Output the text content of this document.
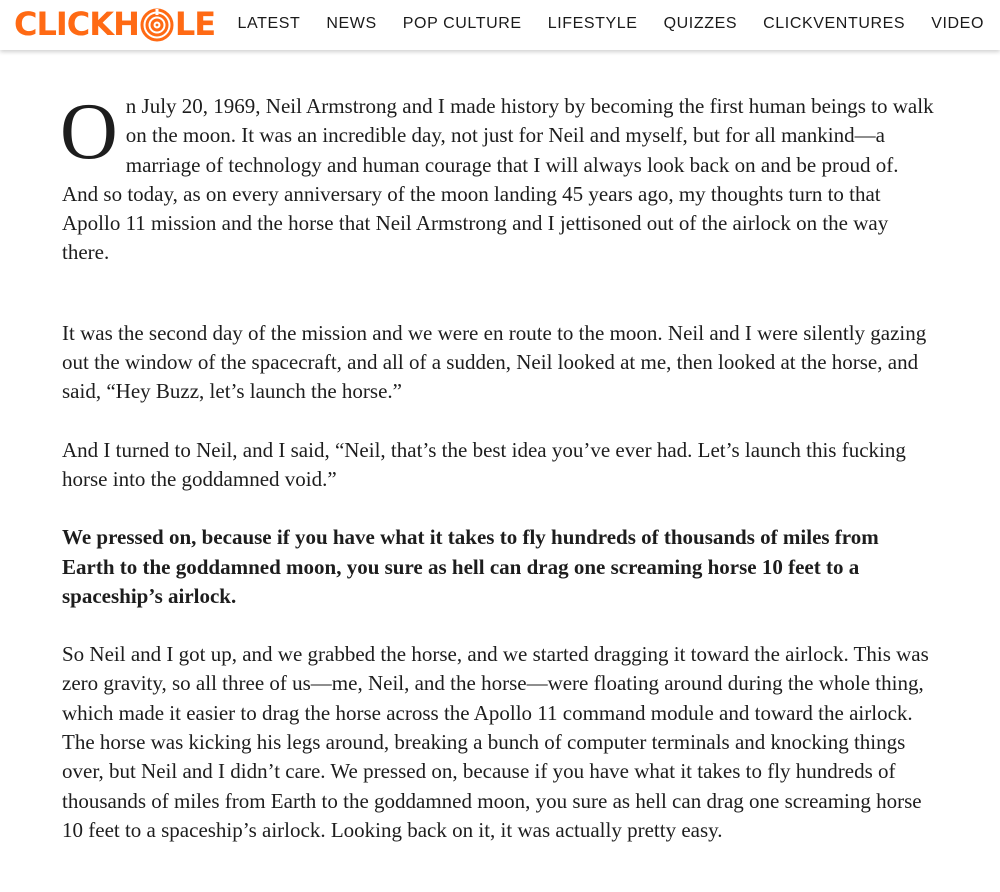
CLICKH LE LATEST NEWS POP CULTURE LIFESTYLE QUIZZES CLICKVENTURES VIDEO

On July 20, 1969, Neil Armstrong and I made history by becoming the first human beings to walk on the moon. It was an incredible day, not just for Neil and myself, but for all mankind—a marriage of technology and human courage that I will always look back on and be proud of. And so today, as on every anniversary of the moon landing 45 years ago, my thoughts turn to that Apollo 11 mission and the horse that Neil Armstrong and I jettisoned out of the airlock on the way there.

It was the second day of the mission and we were en route to the moon. Neil and I were silently gazing out the window of the spacecraft, and all of a sudden, Neil looked at me, then looked at the horse, and said, “Hey Buzz, let’s launch the horse.”

And I turned to Neil, and I said, “Neil, that’s the best idea you’ve ever had. Let’s launch this fucking horse into the goddamned void.”

We pressed on, because if you have what it takes to fly hundreds of thousands of miles from Earth to the goddamned moon, you sure as hell can drag one screaming horse 10 feet to a spaceship’s airlock.

So Neil and I got up, and we grabbed the horse, and we started dragging it toward the airlock. This was zero gravity, so all three of us—me, Neil, and the horse—were floating around during the whole thing, which made it easier to drag the horse across the Apollo 11 command module and toward the airlock. The horse was kicking his legs around, breaking a bunch of computer terminals and knocking things over, but Neil and I didn’t care. We pressed on, because if you have what it takes to fly hundreds of thousands of miles from Earth to the goddamned moon, you sure as hell can drag one screaming horse 10 feet to a spaceship’s airlock. Looking back on it, it was actually pretty easy.
